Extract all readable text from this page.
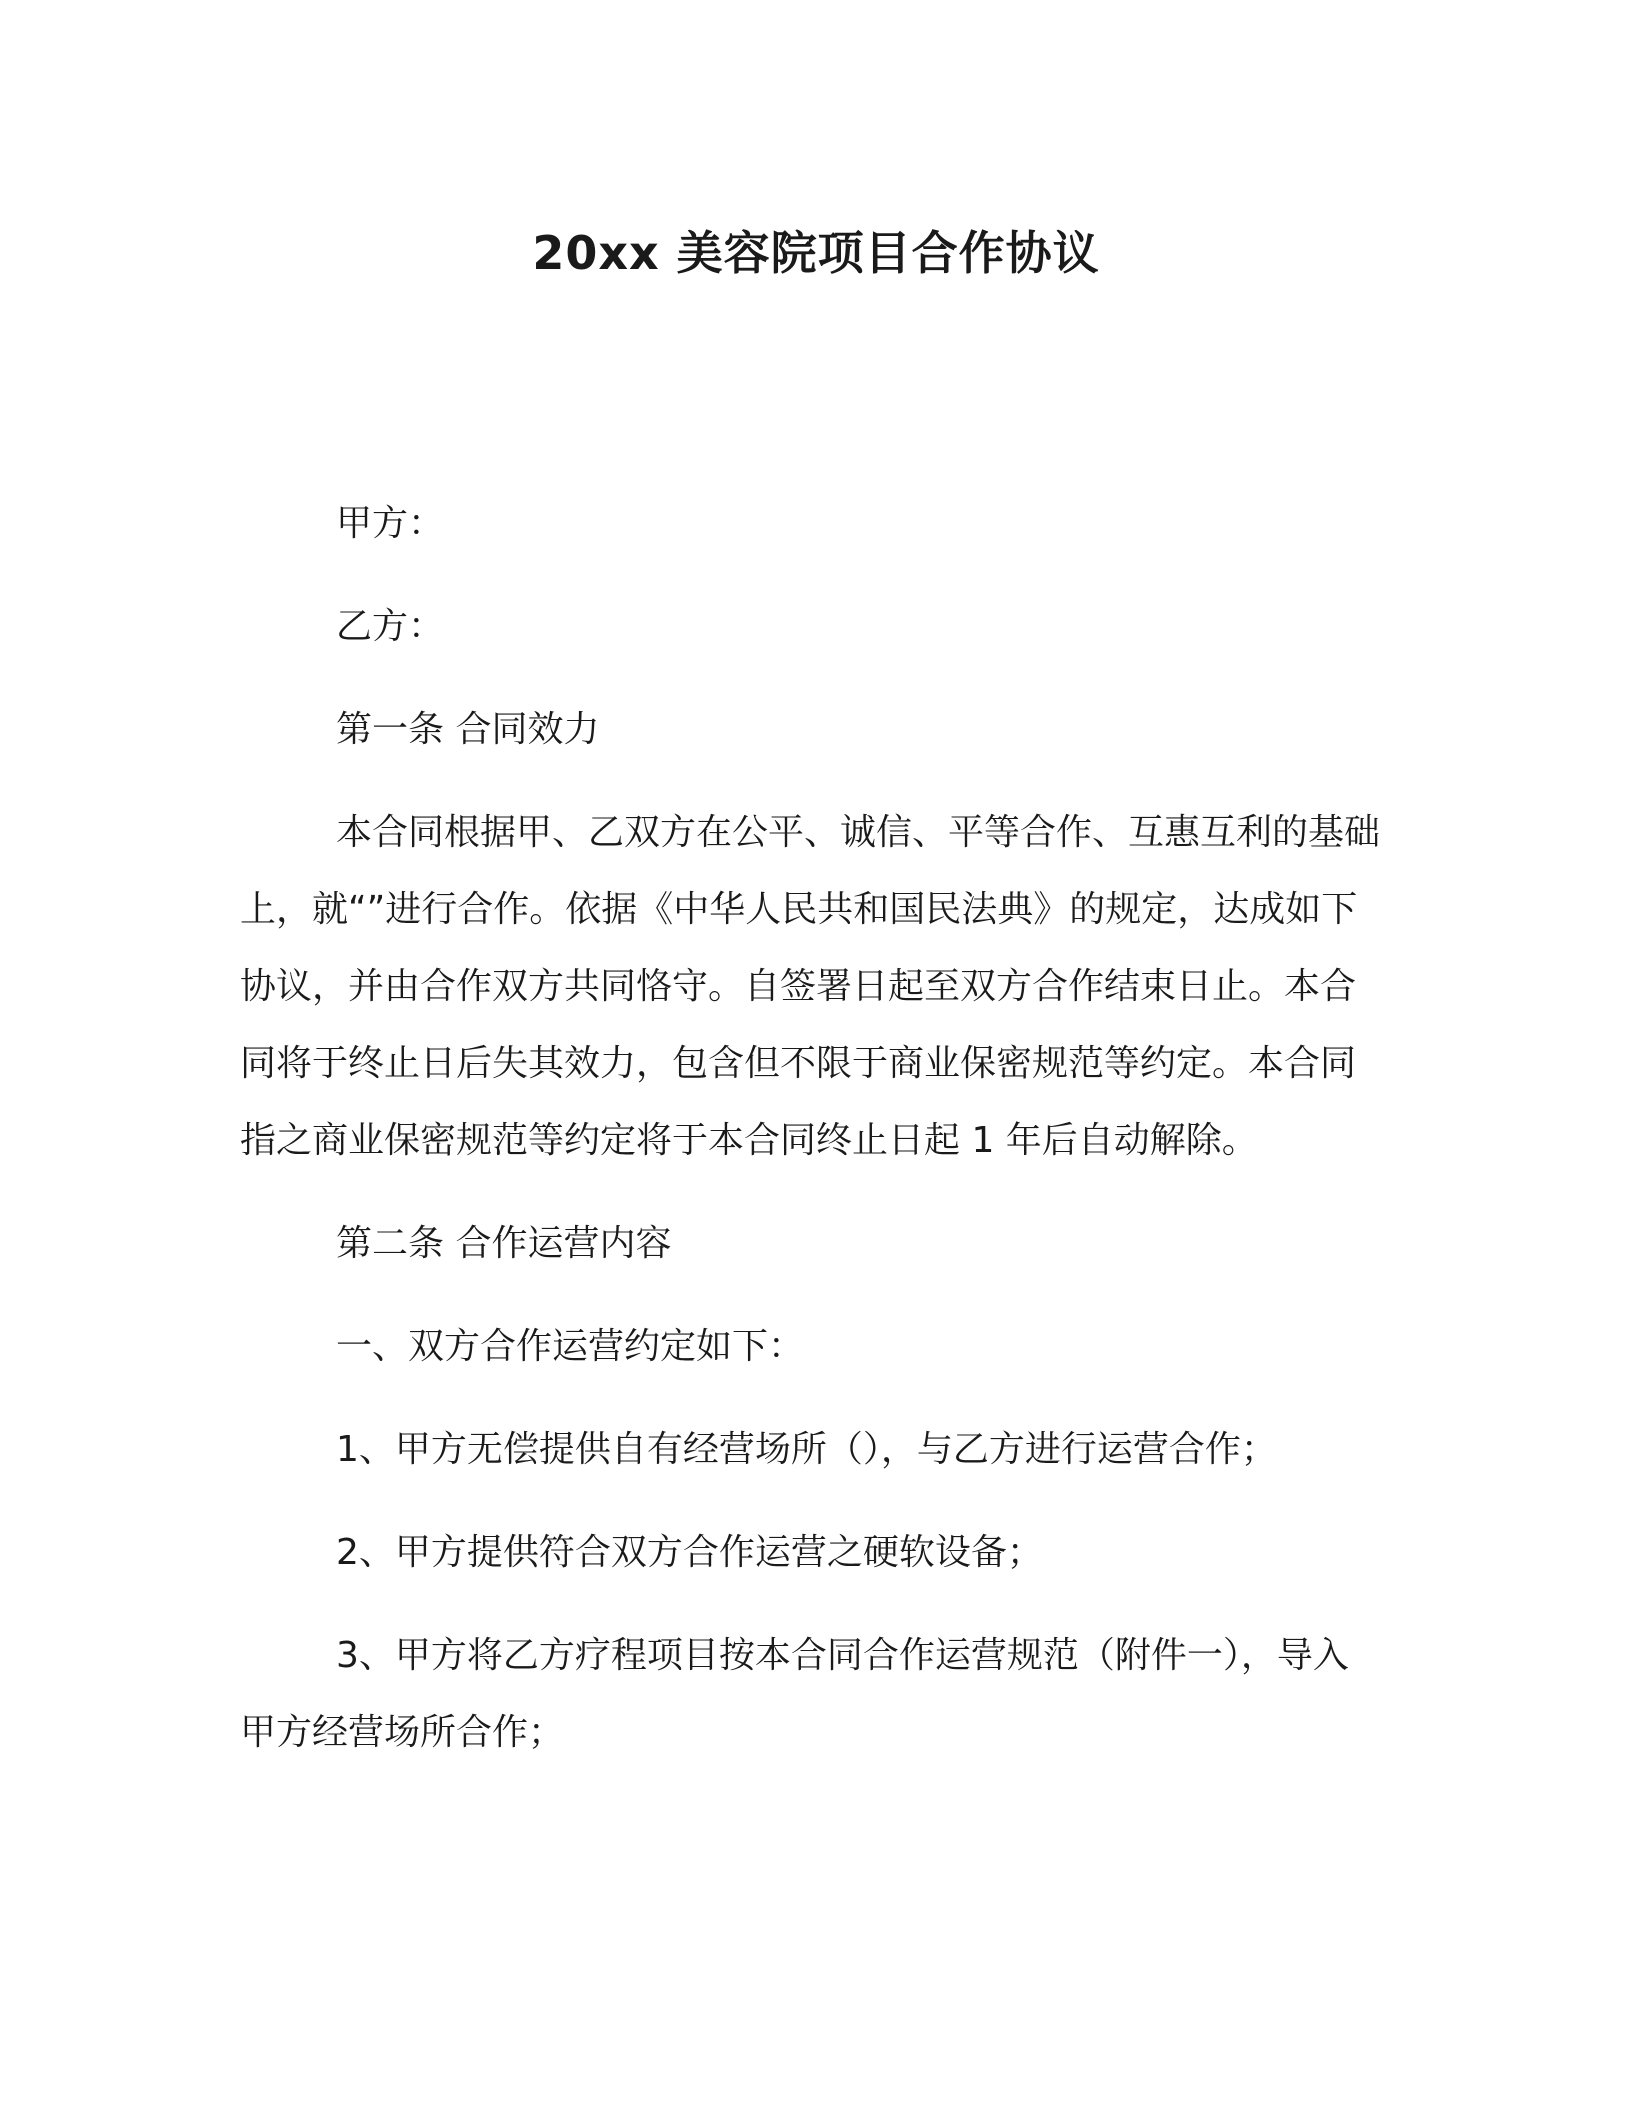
20xx 美容院项目合作协议

甲方：

乙方：

第一条 合同效力

本合同根据甲、乙双方在公平、诚信、平等合作、互惠互利的基础上，就“”进行合作。依据《中华人民共和国民法典》的规定，达成如下协议，并由合作双方共同恪守。自签署日起至双方合作结束日止。本合同将于终止日后失其效力，包含但不限于商业保密规范等约定。本合同指之商业保密规范等约定将于本合同终止日起 1 年后自动解除。

第二条 合作运营内容

一、双方合作运营约定如下：

1、甲方无偿提供自有经营场所（），与乙方进行运营合作；

2、甲方提供符合双方合作运营之硬软设备；

3、甲方将乙方疗程项目按本合同合作运营规范（附件一），导入甲方经营场所合作；
